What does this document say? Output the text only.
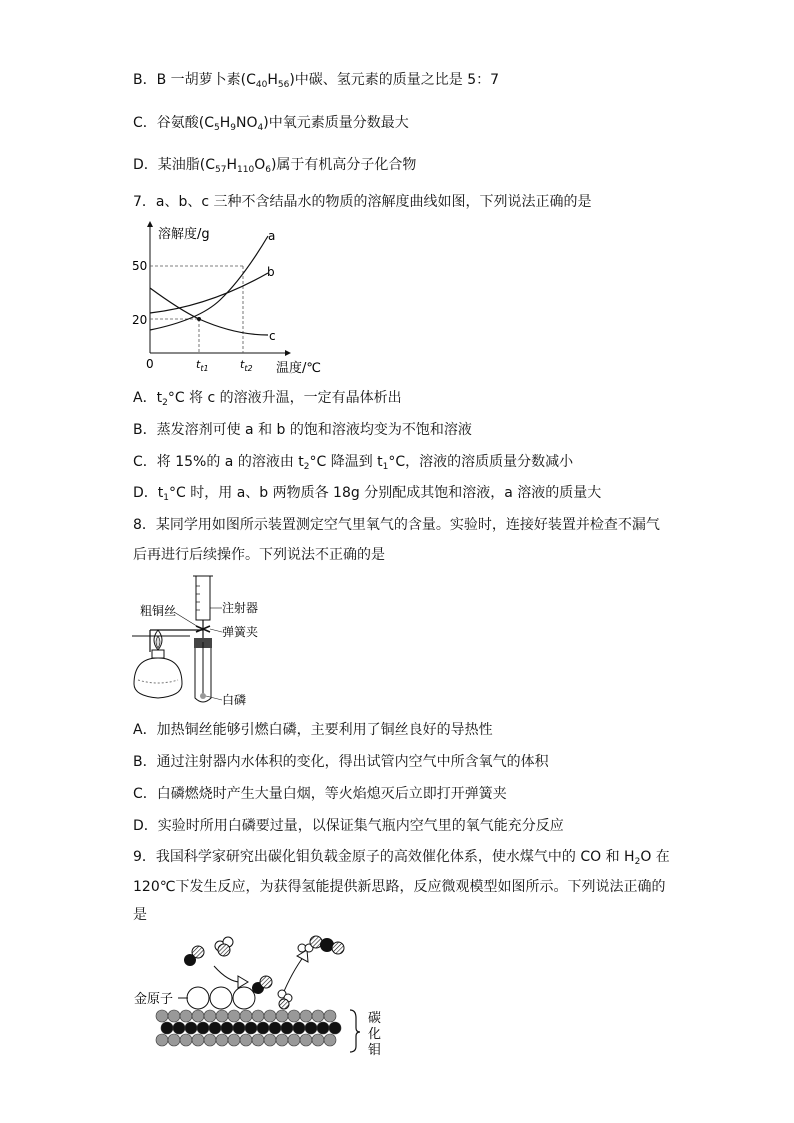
B．B 一胡萝卜素$(C_{40}H_{56})$中碳、氢元素的质量之比是 5：7
C．谷氨酸$(C_5H_9NO_4)$中氧元素质量分数最大
D．某油脂$(C_{57}H_{110}O_6)$属于有机高分子化合物
7．a、b、c 三种不含结晶水的物质的溶解度曲线如图，下列说法正确的是
溶解度/g
温度/℃
0
50
20
$t_{t1}$	$t_{t2}$
a
b
c
A．$t_2^\circ C$ 将 c 的溶液升温，一定有晶体析出
B．蒸发溶剂可使 a 和 b 的饱和溶液均变为不饱和溶液
C．将 15%的 a 的溶液由 $t_2^\circ C$ 降温到 $t_1^\circ C$，溶液的溶质质量分数减小
D．$t_1^\circ C$ 时，用 a、b 两物质各 18g 分别配成其饱和溶液，a 溶液的质量大
8．某同学用如图所示装置测定空气里氧气的含量。实验时，连接好装置并检查不漏气
后再进行后续操作。下列说法不正确的是
粗铜丝	注射器
弹簧夹
白磷
A．加热铜丝能够引燃白磷，主要利用了铜丝良好的导热性
B．通过注射器内水体积的变化，得出试管内空气中所含氧气的体积
C．白磷燃烧时产生大量白烟，等火焰熄灭后立即打开弹簧夹
D．实验时所用白磷要过量，以保证集气瓶内空气里的氧气能充分反应
9．我国科学家研究出碳化钼负载金原子的高效催化体系，使水煤气中的 CO 和 $H_2O$ 在
120℃下发生反应，为获得氢能提供新思路，反应微观模型如图所示。下列说法正确的
是
金原子
碳
化
钼
